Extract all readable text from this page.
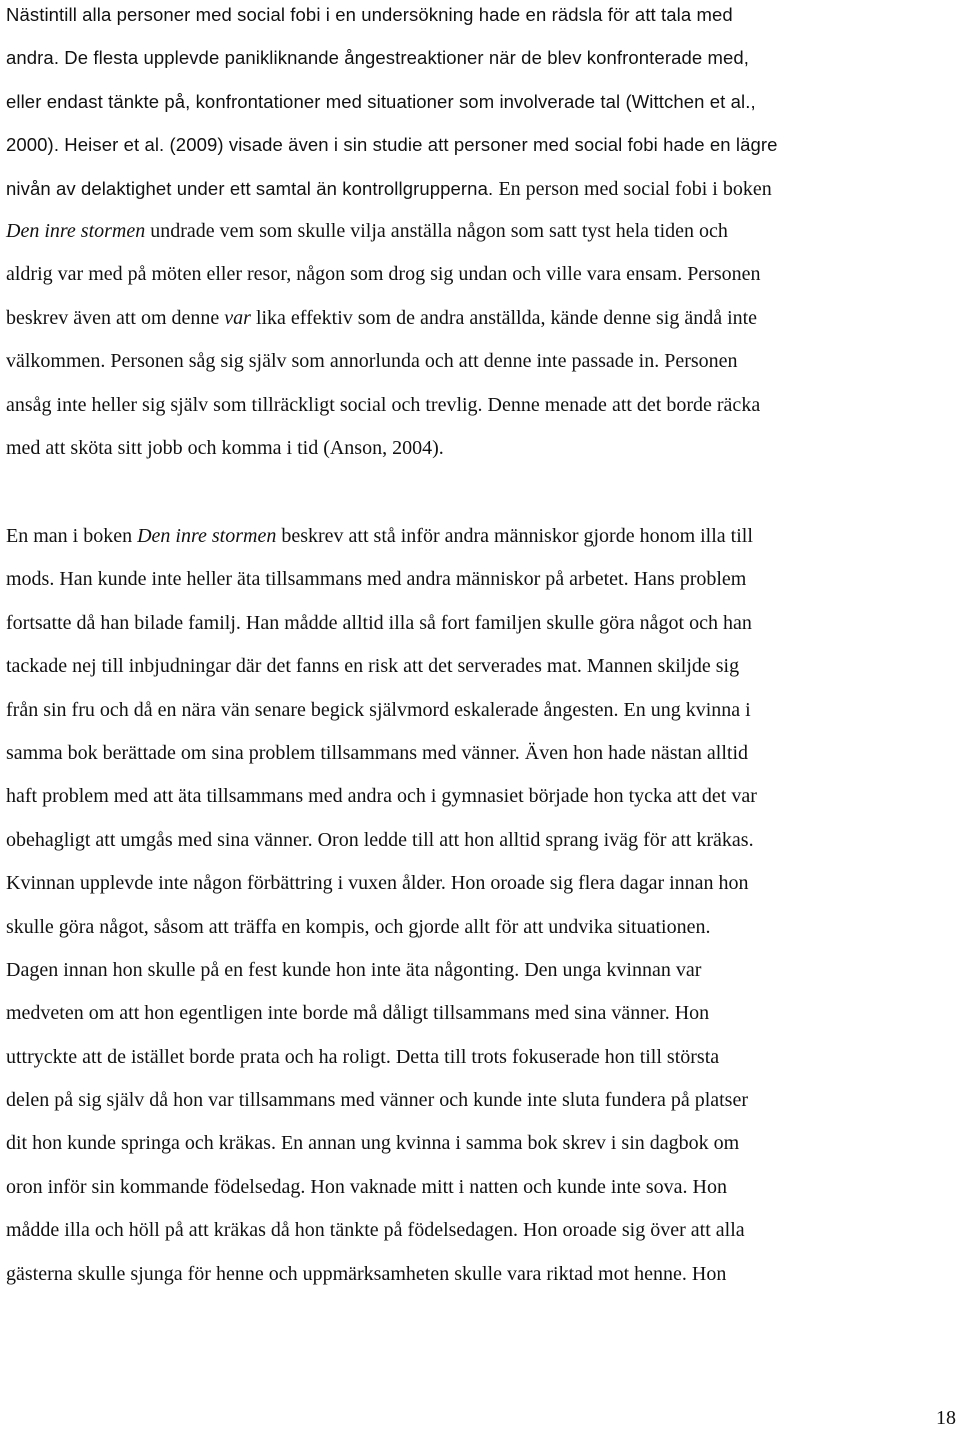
Nästintill alla personer med social fobi i en undersökning hade en rädsla för att tala med
andra. De flesta upplevde panikliknande ångestreaktioner när de blev konfronterade med,
eller endast tänkte på, konfrontationer med situationer som involverade tal (Wittchen et al.,
2000). Heiser et al. (2009) visade även i sin studie att personer med social fobi hade en lägre
nivån av delaktighet under ett samtal än kontrollgrupperna. En person med social fobi i boken
Den inre stormen undrade vem som skulle vilja anställa någon som satt tyst hela tiden och
aldrig var med på möten eller resor, någon som drog sig undan och ville vara ensam. Personen
beskrev även att om denne var lika effektiv som de andra anställda, kände denne sig ändå inte
välkommen. Personen såg sig själv som annorlunda och att denne inte passade in. Personen
ansåg inte heller sig själv som tillräckligt social och trevlig. Denne menade att det borde räcka
med att sköta sitt jobb och komma i tid (Anson, 2004).
En man i boken Den inre stormen beskrev att stå inför andra människor gjorde honom illa till
mods. Han kunde inte heller äta tillsammans med andra människor på arbetet. Hans problem
fortsatte då han bilade familj. Han mådde alltid illa så fort familjen skulle göra något och han
tackade nej till inbjudningar där det fanns en risk att det serverades mat. Mannen skiljde sig
från sin fru och då en nära vän senare begick självmord eskalerade ångesten. En ung kvinna i
samma bok berättade om sina problem tillsammans med vänner. Även hon hade nästan alltid
haft problem med att äta tillsammans med andra och i gymnasiet började hon tycka att det var
obehagligt att umgås med sina vänner. Oron ledde till att hon alltid sprang iväg för att kräkas.
Kvinnan upplevde inte någon förbättring i vuxen ålder. Hon oroade sig flera dagar innan hon
skulle göra något, såsom att träffa en kompis, och gjorde allt för att undvika situationen.
Dagen innan hon skulle på en fest kunde hon inte äta någonting. Den unga kvinnan var
medveten om att hon egentligen inte borde må dåligt tillsammans med sina vänner. Hon
uttryckte att de istället borde prata och ha roligt. Detta till trots fokuserade hon till största
delen på sig själv då hon var tillsammans med vänner och kunde inte sluta fundera på platser
dit hon kunde springa och kräkas. En annan ung kvinna i samma bok skrev i sin dagbok om
oron inför sin kommande födelsedag. Hon vaknade mitt i natten och kunde inte sova. Hon
mådde illa och höll på att kräkas då hon tänkte på födelsedagen. Hon oroade sig över att alla
gästerna skulle sjunga för henne och uppmärksamheten skulle vara riktad mot henne. Hon
18
